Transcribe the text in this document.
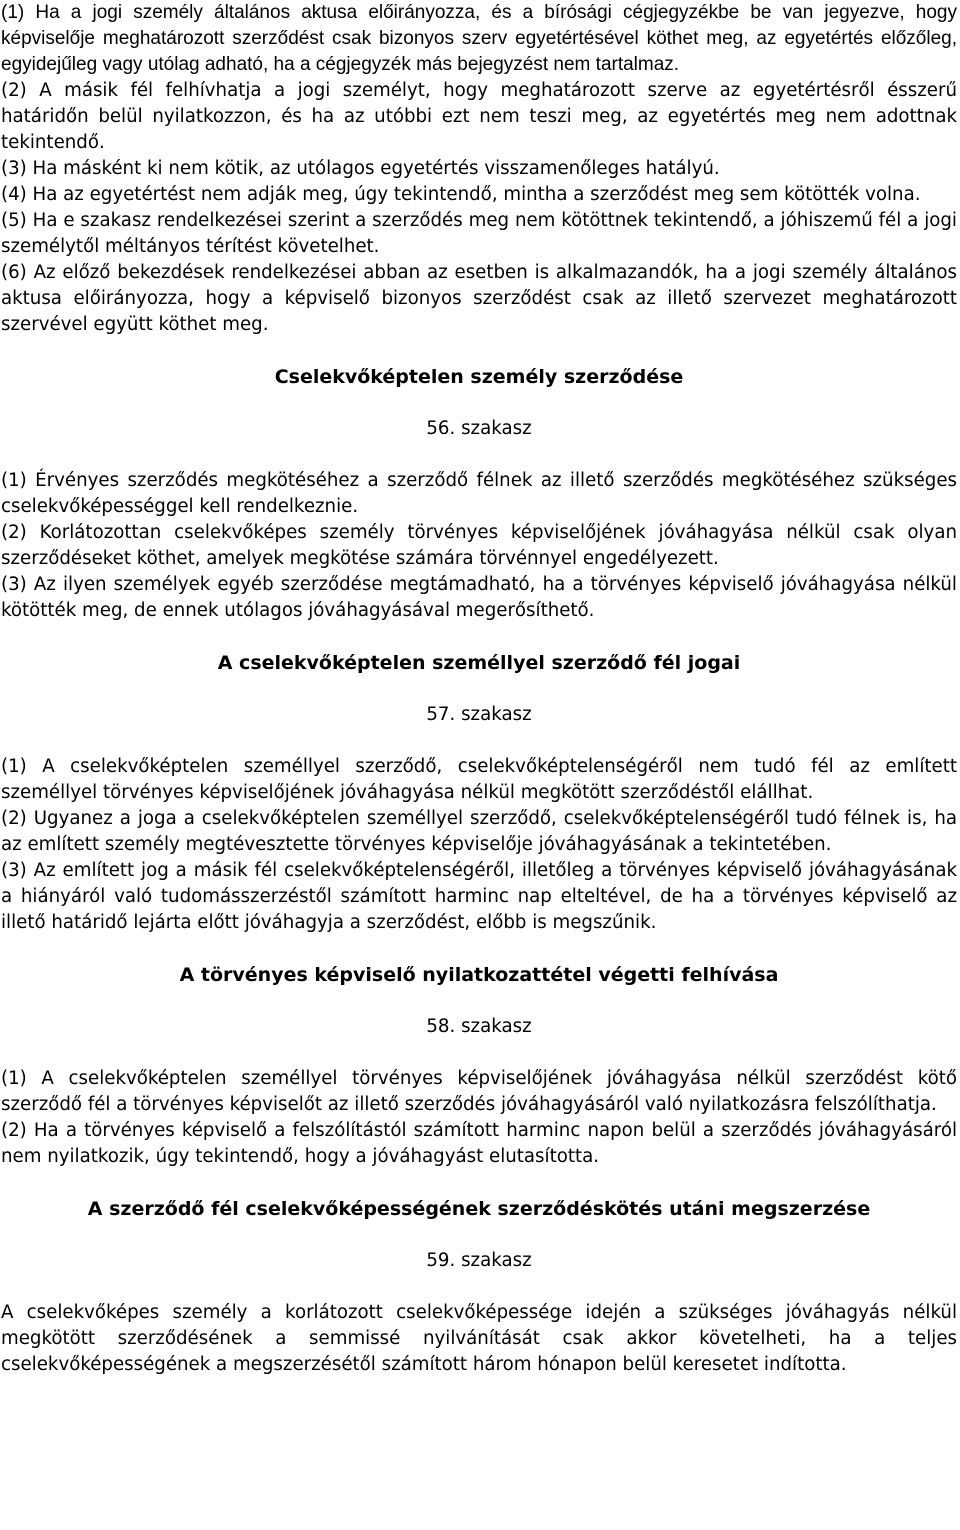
(1) Ha a jogi személy általános aktusa előirányozza, és a bírósági cégjegyzékbe be van jegyezve, hogy képviselője meghatározott szerződést csak bizonyos szerv egyetértésével köthet meg, az egyetértés előzőleg, egyidejűleg vagy utólag adható, ha a cégjegyzék más bejegyzést nem tartalmaz.

(2) A másik fél felhívhatja a jogi személyt, hogy meghatározott szerve az egyetértésről ésszerű határidőn belül nyilatkozzon, és ha az utóbbi ezt nem teszi meg, az egyetértés meg nem adottnak tekintendő.

(3) Ha másként ki nem kötik, az utólagos egyetértés visszamenőleges hatályú.

(4) Ha az egyetértést nem adják meg, úgy tekintendő, mintha a szerződést meg sem kötötték volna.

(5) Ha e szakasz rendelkezései szerint a szerződés meg nem kötöttnek tekintendő, a jóhiszemű fél a jogi személytől méltányos térítést követelhet.

(6) Az előző bekezdések rendelkezései abban az esetben is alkalmazandók, ha a jogi személy általános aktusa előirányozza, hogy a képviselő bizonyos szerződést csak az illető szervezet meghatározott szervével együtt köthet meg.

Cselekvőképtelen személy szerződése

56. szakasz

(1) Érvényes szerződés megkötéséhez a szerződő félnek az illető szerződés megkötéséhez szükséges cselekvőképességgel kell rendelkeznie.

(2) Korlátozottan cselekvőképes személy törvényes képviselőjének jóváhagyása nélkül csak olyan szerződéseket köthet, amelyek megkötése számára törvénnyel engedélyezett.

(3) Az ilyen személyek egyéb szerződése megtámadható, ha a törvényes képviselő jóváhagyása nélkül kötötték meg, de ennek utólagos jóváhagyásával megerősíthető.

A cselekvőképtelen személlyel szerződő fél jogai

57. szakasz

(1) A cselekvőképtelen személlyel szerződő, cselekvőképtelenségéről nem tudó fél az említett személlyel törvényes képviselőjének jóváhagyása nélkül megkötött szerződéstől elállhat.

(2) Ugyanez a joga a cselekvőképtelen személlyel szerződő, cselekvőképtelenségéről tudó félnek is, ha az említett személy megtévesztette törvényes képviselője jóváhagyásának a tekintetében.

(3) Az említett jog a másik fél cselekvőképtelenségéről, illetőleg a törvényes képviselő jóváhagyásának a hiányáról való tudomásszerzéstől számított harminc nap elteltével, de ha a törvényes képviselő az illető határidő lejárta előtt jóváhagyja a szerződést, előbb is megszűnik.

A törvényes képviselő nyilatkozattétel végetti felhívása

58. szakasz

(1) A cselekvőképtelen személlyel törvényes képviselőjének jóváhagyása nélkül szerződést kötő szerződő fél a törvényes képviselőt az illető szerződés jóváhagyásáról való nyilatkozásra felszólíthatja.

(2) Ha a törvényes képviselő a felszólítástól számított harminc napon belül a szerződés jóváhagyásáról nem nyilatkozik, úgy tekintendő, hogy a jóváhagyást elutasította.

A szerződő fél cselekvőképességének szerződéskötés utáni megszerzése

59. szakasz

A cselekvőképes személy a korlátozott cselekvőképessége idején a szükséges jóváhagyás nélkül megkötött szerződésének a semmissé nyilvánítását csak akkor követelheti, ha a teljes cselekvőképességének a megszerzésétől számított három hónapon belül keresetet indította.
